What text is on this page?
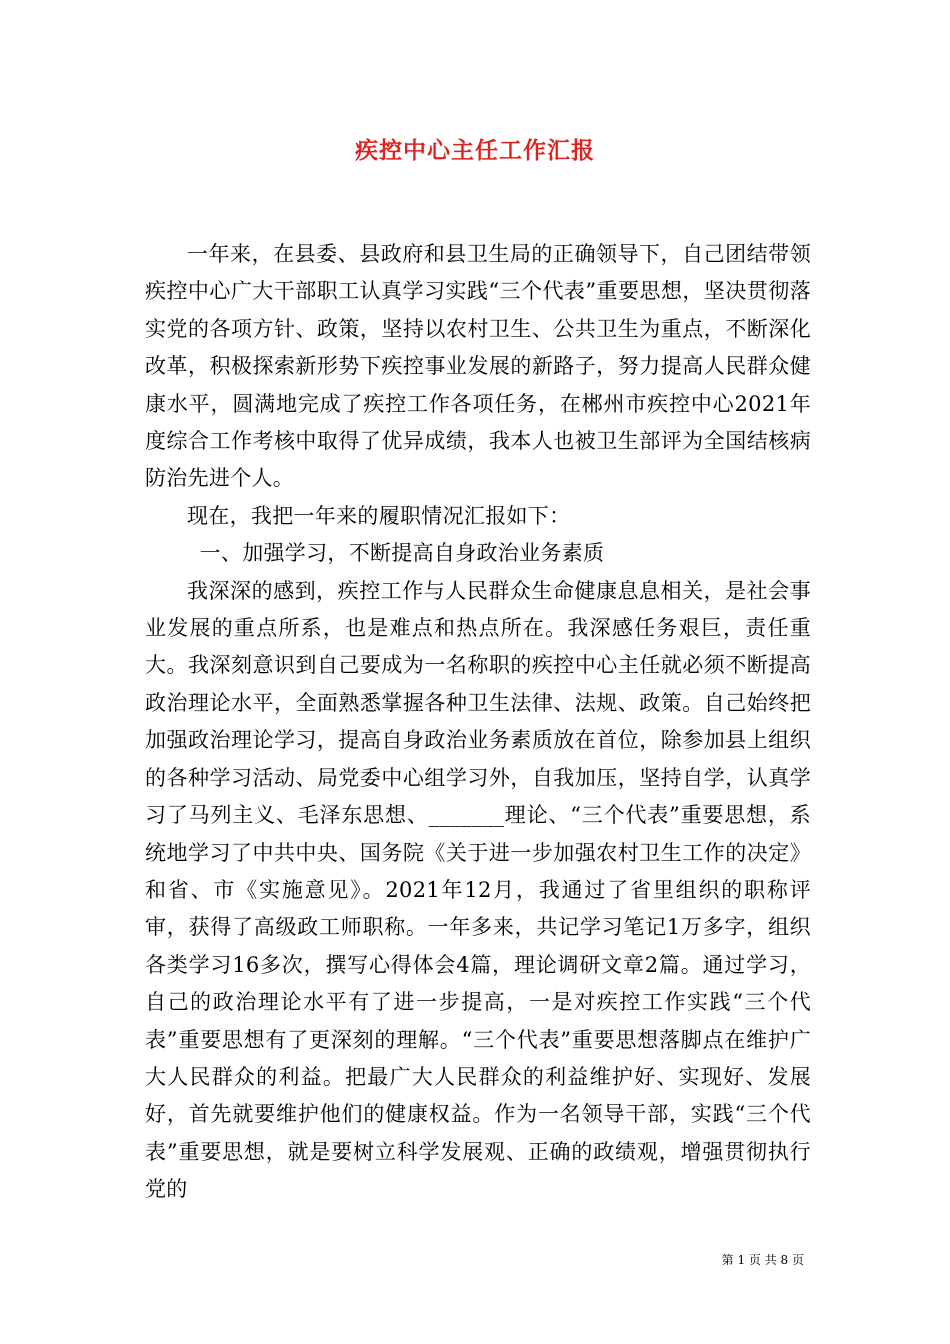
疾控中心主任工作汇报

一年来，在县委、县政府和县卫生局的正确领导下，自己团结带领疾控中心广大干部职工认真学习实践“三个代表”重要思想，坚决贯彻落实党的各项方针、政策，坚持以农村卫生、公共卫生为重点，不断深化改革，积极探索新形势下疾控事业发展的新路子，努力提高人民群众健康水平，圆满地完成了疾控工作各项任务，在郴州市疾控中心2021年度综合工作考核中取得了优异成绩，我本人也被卫生部评为全国结核病防治先进个人。

现在，我把一年来的履职情况汇报如下：

一、加强学习，不断提高自身政治业务素质

我深深的感到，疾控工作与人民群众生命健康息息相关，是社会事业发展的重点所系，也是难点和热点所在。我深感任务艰巨，责任重大。我深刻意识到自己要成为一名称职的疾控中心主任就必须不断提高政治理论水平，全面熟悉掌握各种卫生法律、法规、政策。自己始终把加强政治理论学习，提高自身政治业务素质放在首位，除参加县上组织的各种学习活动、局党委中心组学习外，自我加压，坚持自学，认真学习了马列主义、毛泽东思想、_______理论、“三个代表”重要思想，系统地学习了中共中央、国务院《关于进一步加强农村卫生工作的决定》和省、市《实施意见》。2021年12月，我通过了省里组织的职称评审，获得了高级政工师职称。一年多来，共记学习笔记1万多字，组织各类学习16多次，撰写心得体会4篇，理论调研文章2篇。通过学习，自己的政治理论水平有了进一步提高，一是对疾控工作实践“三个代表”重要思想有了更深刻的理解。“三个代表”重要思想落脚点在维护广大人民群众的利益。把最广大人民群众的利益维护好、实现好、发展好，首先就要维护他们的健康权益。作为一名领导干部，实践“三个代表”重要思想，就是要树立科学发展观、正确的政绩观，增强贯彻执行党的

第 1 页 共 8 页
